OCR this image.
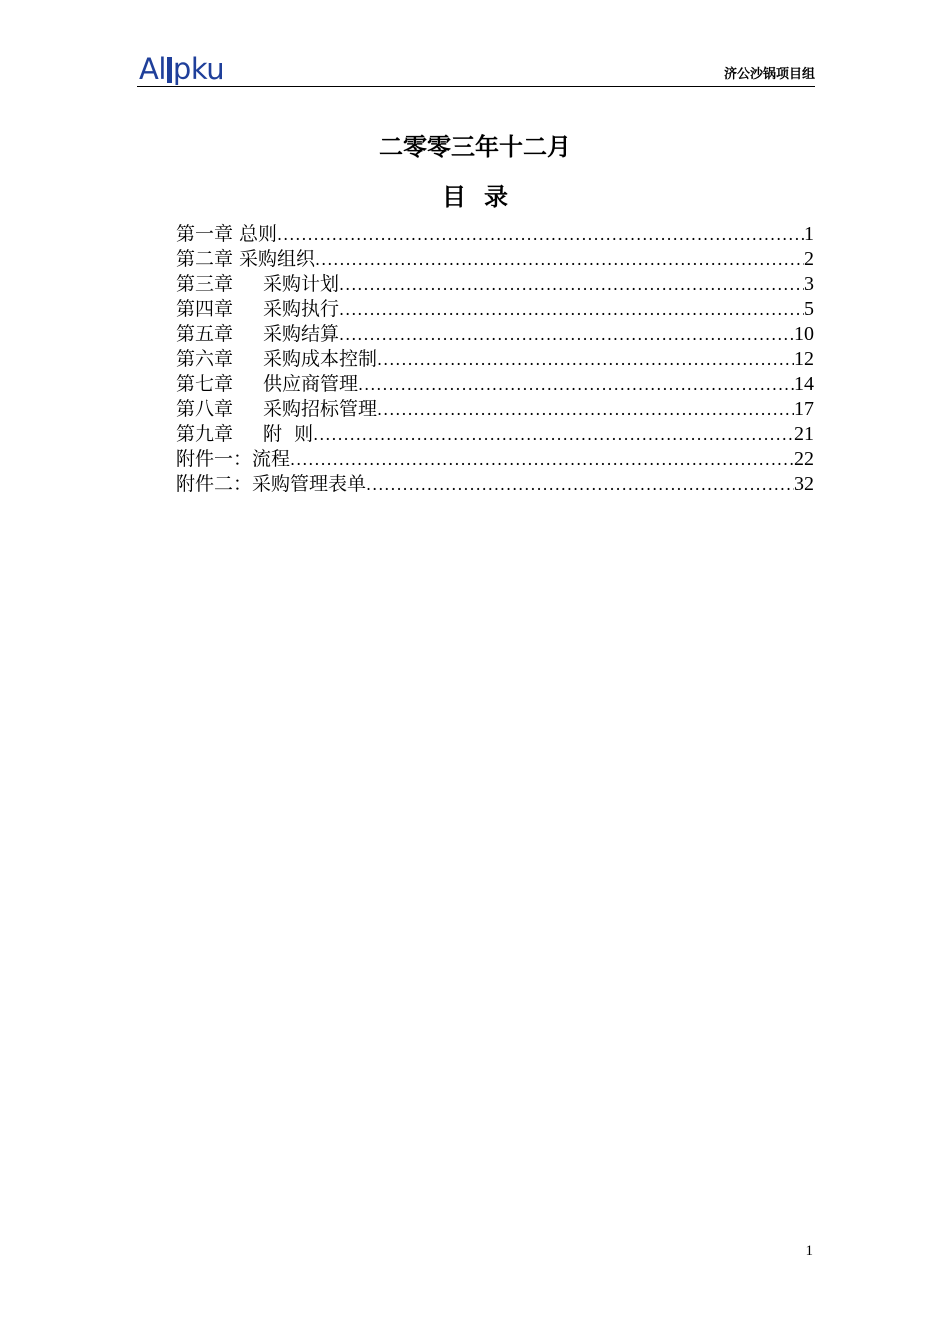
Al pku	济公沙锅项目组
二零零三年十二月
目 录
第一章 总则 .....	1
第二章 采购组织 .....	2
第三章 采购计划 .....	3
第四章 采购执行 .....	5
第五章 采购结算 .....	10
第六章 采购成本控制 .....	12
第七章 供应商管理 .....	14
第八章 采购招标管理 .....	17
第九章 附  则 .....	21
附件一： 流程 .....	22
附件二： 采购管理表单 .....	32
1
